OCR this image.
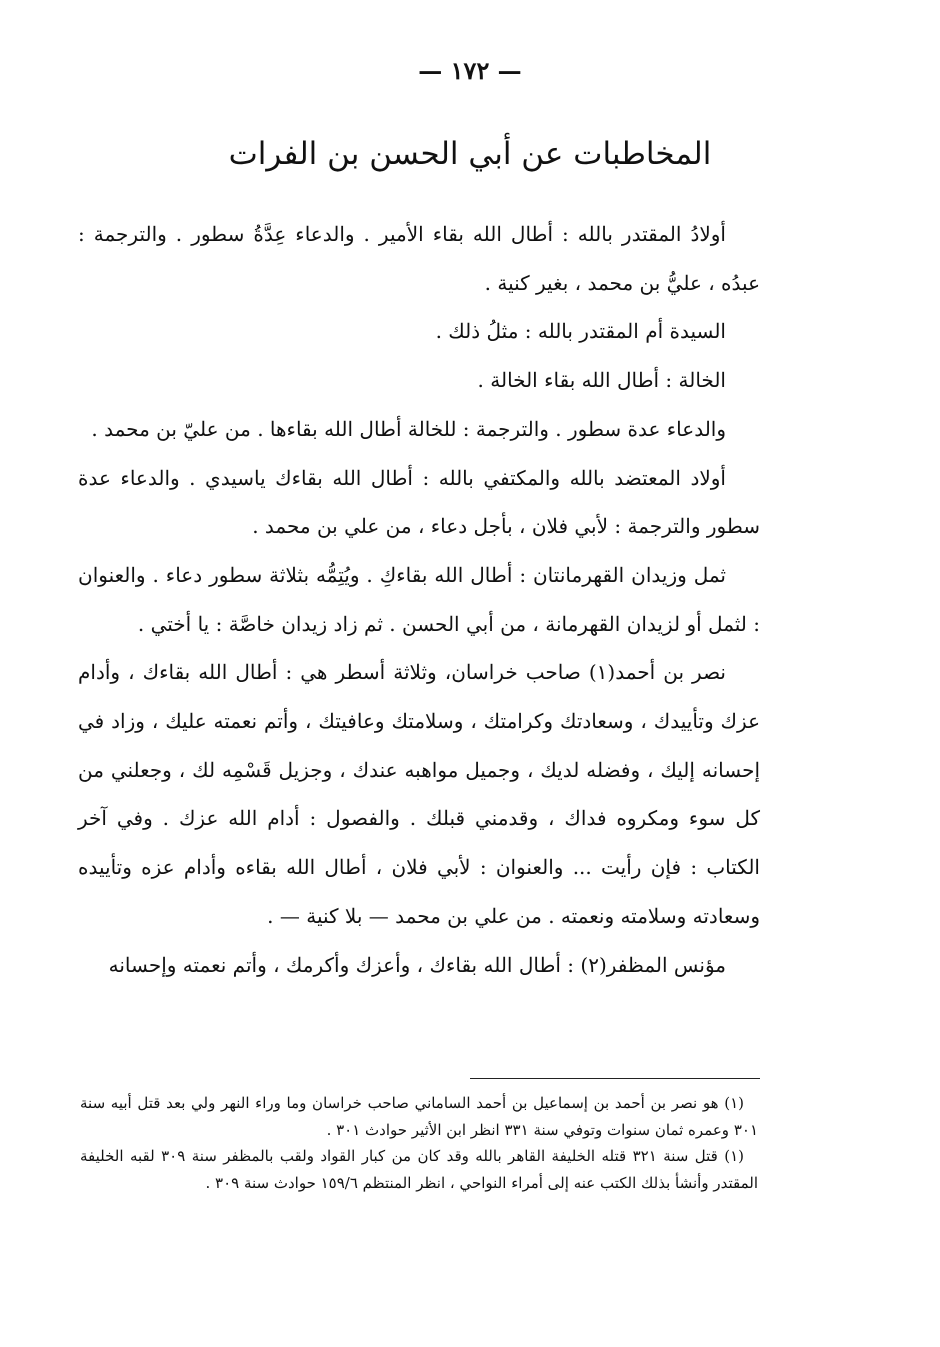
— ١٧٢ —
المخاطبات عن أبي الحسن بن الفرات

أولادُ المقتدر بالله : أطال الله بقاء الأمير . والدعاء عِدَّةُ سطور . والترجمة : عبدُه ، عليُّ بن محمد ، بغير كنية .

السيدة أم المقتدر بالله : مثلُ ذلك .

الخالة : أطال الله بقاء الخالة .

والدعاء عدة سطور . والترجمة : للخالة أطال الله بقاءها . من عليّ بن محمد .

أولاد المعتضد بالله والمكتفي بالله : أطال الله بقاءك ياسيدي . والدعاء عدة سطور والترجمة : لأبي فلان ، بأجل دعاء ، من علي بن محمد .

ثمل وزيدان القهرمانتان : أطال الله بقاءكِ . ويُتِمُّه بثلاثة سطور دعاء . والعنوان : لثمل أو لزيدان القهرمانة ، من أبي الحسن . ثم زاد زيدان خاصَّة : يا أختي .

نصر بن أحمد(١) صاحب خراسان، وثلاثة أسطر هي : أطال الله بقاءك ، وأدام عزك وتأييدك ، وسعادتك وكرامتك ، وسلامتك وعافيتك ، وأتم نعمته عليك ، وزاد في إحسانه إليك ، وفضله لديك ، وجميل مواهبه عندك ، وجزيل قَسْمِه لك ، وجعلني من كل سوء ومكروه فداك ، وقدمني قبلك . والفصول : أدام الله عزك . وفي آخر الكتاب : فإن رأيت ... والعنوان : لأبي فلان ، أطال الله بقاءه وأدام عزه وتأييده وسعادته وسلامته ونعمته . من علي بن محمد — بلا كنية — .

مؤنس المظفر(٢) : أطال الله بقاءك ، وأعزك وأكرمك ، وأتم نعمته وإحسانه

(١) هو نصر بن أحمد بن إسماعيل بن أحمد الساماني صاحب خراسان وما وراء النهر ولي بعد قتل أبيه سنة ٣٠١ وعمره ثمان سنوات وتوفي سنة ٣٣١ انظر ابن الأثير حوادث ٣٠١ .

(١) قتل سنة ٣٢١ قتله الخليفة القاهر بالله وقد كان من كبار القواد ولقب بالمظفر سنة ٣٠٩ لقبه الخليفة المقتدر وأنشأ بذلك الكتب عنه إلى أمراء النواحي ، انظر المنتظم ١٥٩/٦ حوادث سنة ٣٠٩ .
